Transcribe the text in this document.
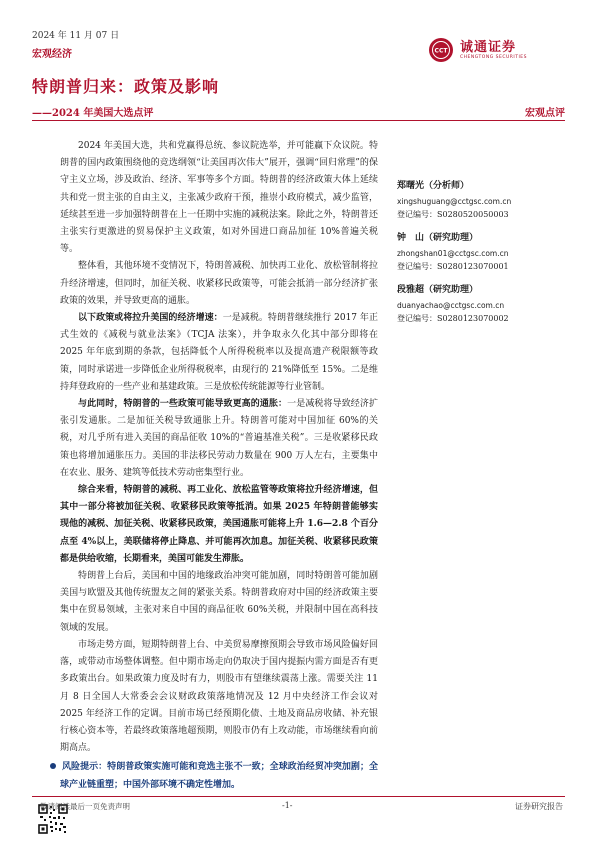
2024 年 11 月 07 日
宏观经济	CCT 诚通证券
CHENGTONG SECURITIES
特朗普归来：政策及影响
——2024 年美国大选点评	宏观点评

2024 年美国大选，共和党赢得总统、参议院选举，并可能赢下众议院。特朗普的国内政策围绕他的竞选纲领“让美国再次伟大”展开，强调“回归常理”的保守主义立场，涉及政治、经济、军事等多个方面。特朗普的经济政策大体上延续共和党一贯主张的自由主义，主张减少政府干预，推崇小政府模式，减少监管，延续甚至进一步加强特朗普在上一任期中实施的减税法案。除此之外，特朗普还主张实行更激进的贸易保护主义政策，如对外国进口商品加征 10%普遍关税等。

整体看，其他环境不变情况下，特朗普减税、加快再工业化、放松管制将拉升经济增速，但同时，加征关税、收紧移民政策等，可能会抵消一部分经济扩张政策的效果，并导致更高的通胀。

以下政策或将拉升美国的经济增速：一是减税。特朗普继续推行 2017 年正式生效的《减税与就业法案》（TCJA 法案），并争取永久化其中部分即将在 2025 年年底到期的条款，包括降低个人所得税税率以及提高遗产税限额等政策，同时承诺进一步降低企业所得税税率，由现行的 21%降低至 15%。二是维持拜登政府的一些产业和基建政策。三是放松传统能源等行业管制。

与此同时，特朗普的一些政策可能导致更高的通胀：一是减税将导致经济扩张引发通胀。二是加征关税导致通胀上升。特朗普可能对中国加征 60%的关税，对几乎所有进入美国的商品征收 10%的“普遍基准关税”。三是收紧移民政策也将增加通胀压力。美国的非法移民劳动力数量在 900 万人左右，主要集中在农业、服务、建筑等低技术劳动密集型行业。

综合来看，特朗普的减税、再工业化、放松监管等政策将拉升经济增速，但其中一部分将被加征关税、收紧移民政策等抵消。如果 2025 年特朗普能够实现他的减税、加征关税、收紧移民政策，美国通胀可能将上升 1.6—2.8 个百分点至 4%以上，美联储将停止降息、并可能再次加息。加征关税、收紧移民政策都是供给收缩，长期看来，美国可能发生滞胀。

特朗普上台后，美国和中国的地缘政治冲突可能加剧，同时特朗普可能加剧美国与欧盟及其他传统盟友之间的紧张关系。特朗普政府对中国的经济政策主要集中在贸易领域，主张对来自中国的商品征收 60%关税，并限制中国在高科技领域的发展。

市场走势方面，短期特朗普上台、中美贸易摩擦预期会导致市场风险偏好回落，或带动市场整体调整。但中期市场走向仍取决于国内提振内需方面是否有更多政策出台。如果政策力度及时有力，则股市有望继续震荡上涨。需要关注 11 月 8 日全国人大常委会会议财政政策落地情况及 12 月中央经济工作会议对 2025 年经济工作的定调。目前市场已经预期化债、土地及商品房收储、补充银行核心资本等，若最终政策落地超预期，则股市仍有上攻动能，市场继续看向前期高点。

风险提示：特朗普政策实施可能和竞选主张不一致；全球政治经贸冲突加剧；全球产业链重塑；中国外部环境不确定性增加。

郑曙光（分析师）
xingshuguang@cctgsc.com.cn
登记编号：S0280520050003
钟　山（研究助理）
zhongshan01@cctgsc.com.cn
登记编号：S0280123070001
段雅超（研究助理）
duanyachao@cctgsc.com.cn
登记编号：S0280123070002
敬请阅读最后一页免责声明	-1-	证券研究报告
